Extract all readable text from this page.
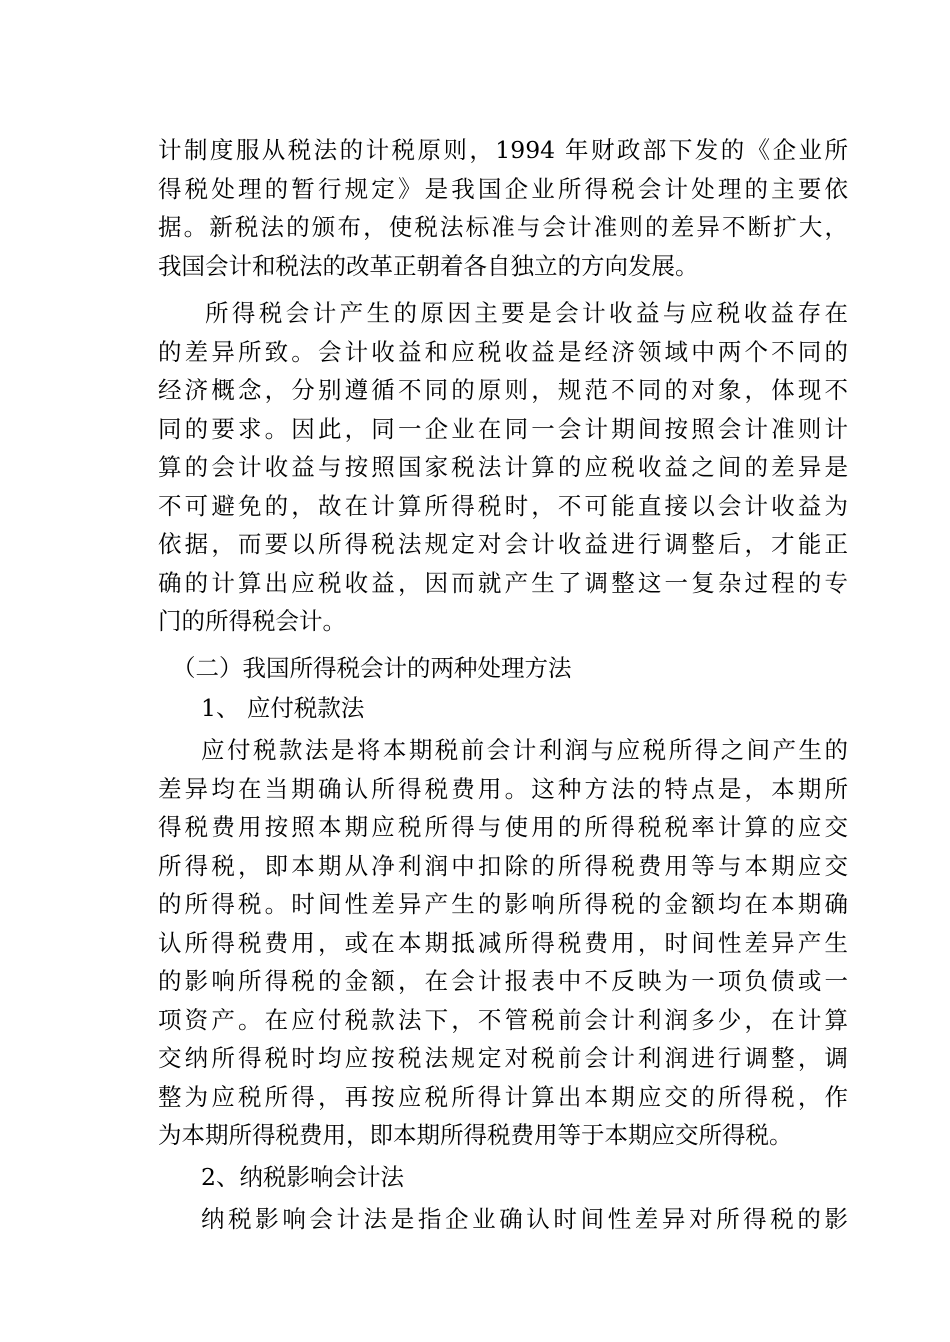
计制度服从税法的计税原则，1994 年财政部下发的《企业所
得税处理的暂行规定》是我国企业所得税会计处理的主要依
据。新税法的颁布，使税法标准与会计准则的差异不断扩大，
我国会计和税法的改革正朝着各自独立的方向发展。
所得税会计产生的原因主要是会计收益与应税收益存在
的差异所致。会计收益和应税收益是经济领域中两个不同的
经济概念，分别遵循不同的原则，规范不同的对象，体现不
同的要求。因此，同一企业在同一会计期间按照会计准则计
算的会计收益与按照国家税法计算的应税收益之间的差异是
不可避免的，故在计算所得税时，不可能直接以会计收益为
依据，而要以所得税法规定对会计收益进行调整后，才能正
确的计算出应税收益，因而就产生了调整这一复杂过程的专
门的所得税会计。
（二）我国所得税会计的两种处理方法
1、 应付税款法
应付税款法是将本期税前会计利润与应税所得之间产生的
差异均在当期确认所得税费用。这种方法的特点是，本期所
得税费用按照本期应税所得与使用的所得税税率计算的应交
所得税，即本期从净利润中扣除的所得税费用等与本期应交
的所得税。时间性差异产生的影响所得税的金额均在本期确
认所得税费用，或在本期抵减所得税费用，时间性差异产生
的影响所得税的金额，在会计报表中不反映为一项负债或一
项资产。在应付税款法下，不管税前会计利润多少，在计算
交纳所得税时均应按税法规定对税前会计利润进行调整，调
整为应税所得，再按应税所得计算出本期应交的所得税，作
为本期所得税费用，即本期所得税费用等于本期应交所得税。
2、纳税影响会计法
纳税影响会计法是指企业确认时间性差异对所得税的影
